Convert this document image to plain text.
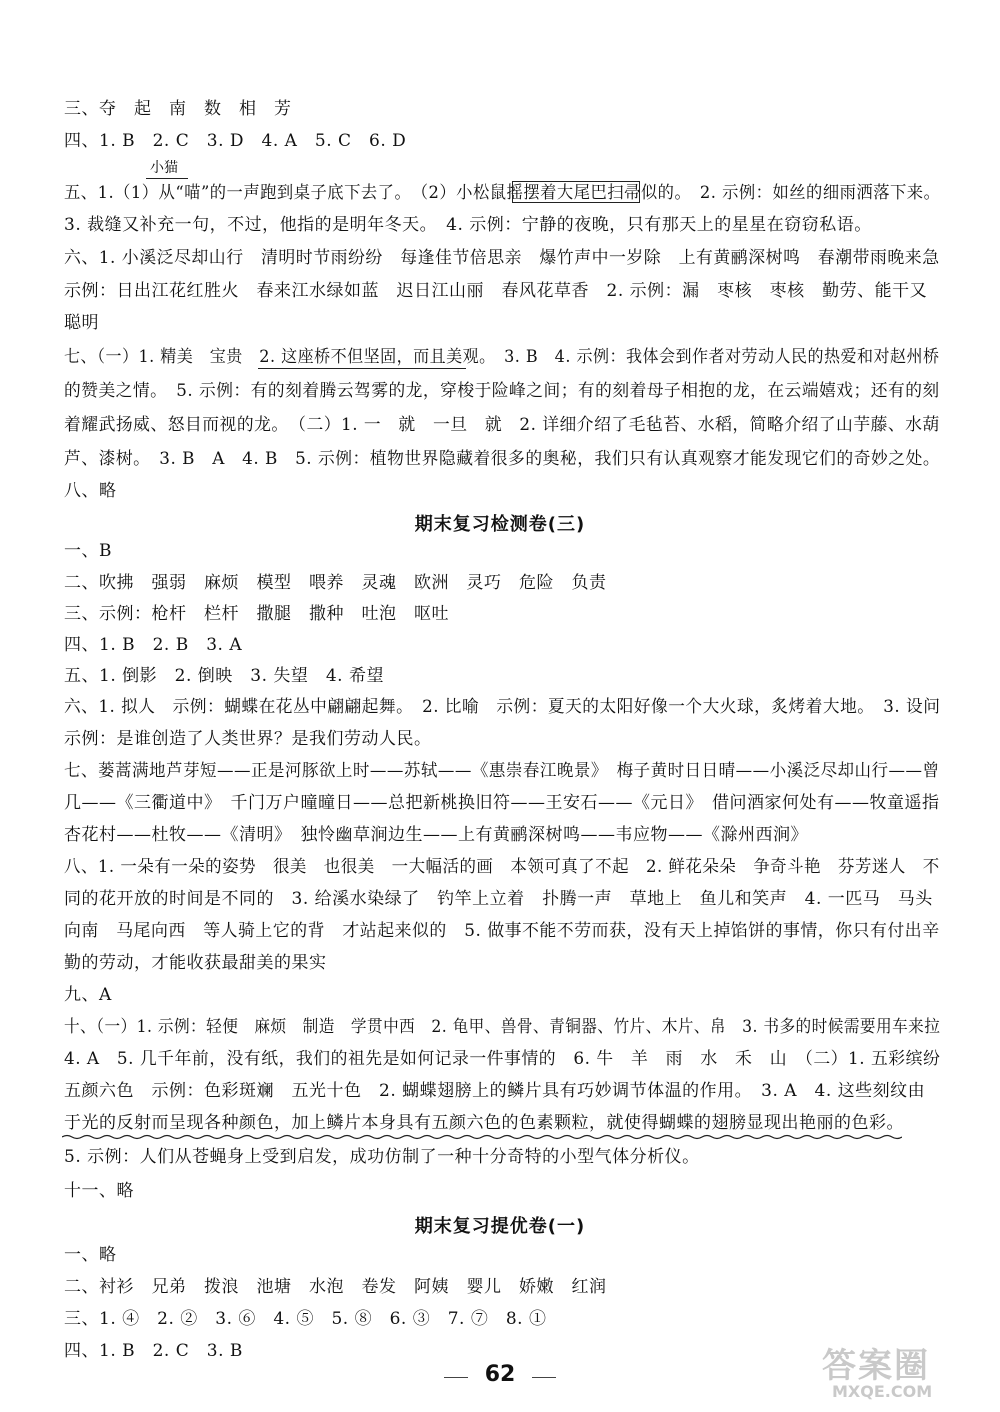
三、夺　起　南　数　相　芳
四、1. B　2. C　3. D　4. A　5. C　6. D
小猫
五、1.（1）从“喵”的一声跑到桌子底下去了。　（2）小松鼠摇摆着大尾巴扫帚似的。　2. 示例：如丝的细雨洒落下来。
3. 裁缝又补充一句，不过，他指的是明年冬天。　4. 示例：宁静的夜晚，只有那天上的星星在窃窃私语。
六、1. 小溪泛尽却山行　清明时节雨纷纷　每逢佳节倍思亲　爆竹声中一岁除　上有黄鹂深树鸣　春潮带雨晚来急
示例：日出江花红胜火　春来江水绿如蓝　迟日江山丽　春风花草香　2. 示例：漏　枣核　枣核　勤劳、能干又
聪明
七、（一）1. 精美　宝贵　2. 这座桥不但坚固，而且美观。　3. B　4. 示例：我体会到作者对劳动人民的热爱和对赵州桥
的赞美之情。　5. 示例：有的刻着腾云驾雾的龙，穿梭于险峰之间；有的刻着母子相抱的龙，在云端嬉戏；还有的刻
着耀武扬威、怒目而视的龙。　（二）1. 一　就　一旦　就　2. 详细介绍了毛毡苔、水稻，简略介绍了山芋藤、水葫
芦、漆树。　3. B　A　4. B　5. 示例：植物世界隐藏着很多的奥秘，我们只有认真观察才能发现它们的奇妙之处。
八、略
期末复习检测卷(三)
一、B
二、吹拂　强弱　麻烦　模型　喂养　灵魂　欧洲　灵巧　危险　负责
三、示例：枪杆　栏杆　撒腿　撒种　吐泡　呕吐
四、1. B　2. B　3. A
五、1. 倒影　2. 倒映　3. 失望　4. 希望
六、1. 拟人　示例：蝴蝶在花丛中翩翩起舞。　2. 比喻　示例：夏天的太阳好像一个大火球，炙烤着大地。　3. 设问
示例：是谁创造了人类世界？是我们劳动人民。
七、蒌蒿满地芦芽短——正是河豚欲上时——苏轼——《惠崇春江晚景》　梅子黄时日日晴——小溪泛尽却山行——曾
几——《三衢道中》　千门万户曈曈日——总把新桃换旧符——王安石——《元日》　借问酒家何处有——牧童遥指
杏花村——杜牧——《清明》　独怜幽草涧边生——上有黄鹂深树鸣——韦应物——《滁州西涧》
八、1. 一朵有一朵的姿势　很美　也很美　一大幅活的画　本领可真了不起　2. 鲜花朵朵　争奇斗艳　芬芳迷人　不
同的花开放的时间是不同的　3. 给溪水染绿了　钓竿上立着　扑腾一声　草地上　鱼儿和笑声　4. 一匹马　马头
向南　马尾向西　等人骑上它的背　才站起来似的　5. 做事不能不劳而获，没有天上掉馅饼的事情，你只有付出辛
勤的劳动，才能收获最甜美的果实
九、A
十、（一）1. 示例：轻便　麻烦　制造　学贯中西　2. 龟甲、兽骨、青铜器、竹片、木片、帛　3. 书多的时候需要用车来拉
4. A　5. 几千年前，没有纸，我们的祖先是如何记录一件事情的　6. 牛　羊　雨　水　禾　山　（二）1. 五彩缤纷
五颜六色　示例：色彩斑斓　五光十色　2. 蝴蝶翅膀上的鳞片具有巧妙调节体温的作用。　3. A　4. 这些刻纹由
于光的反射而呈现各种颜色，加上鳞片本身具有五颜六色的色素颗粒，就使得蝴蝶的翅膀显现出艳丽的色彩。
5. 示例：人们从苍蝇身上受到启发，成功仿制了一种十分奇特的小型气体分析仪。
十一、略
期末复习提优卷(一)
一、略
二、衬衫　兄弟　拨浪　池塘　水泡　卷发　阿姨　婴儿　娇嫩　红润
三、1. ④　2. ②　3. ⑥　4. ⑤　5. ⑧　6. ③　7. ⑦　8. ①
四、1. B　2. C　3. B
62	答案圈
MXQE.COM
